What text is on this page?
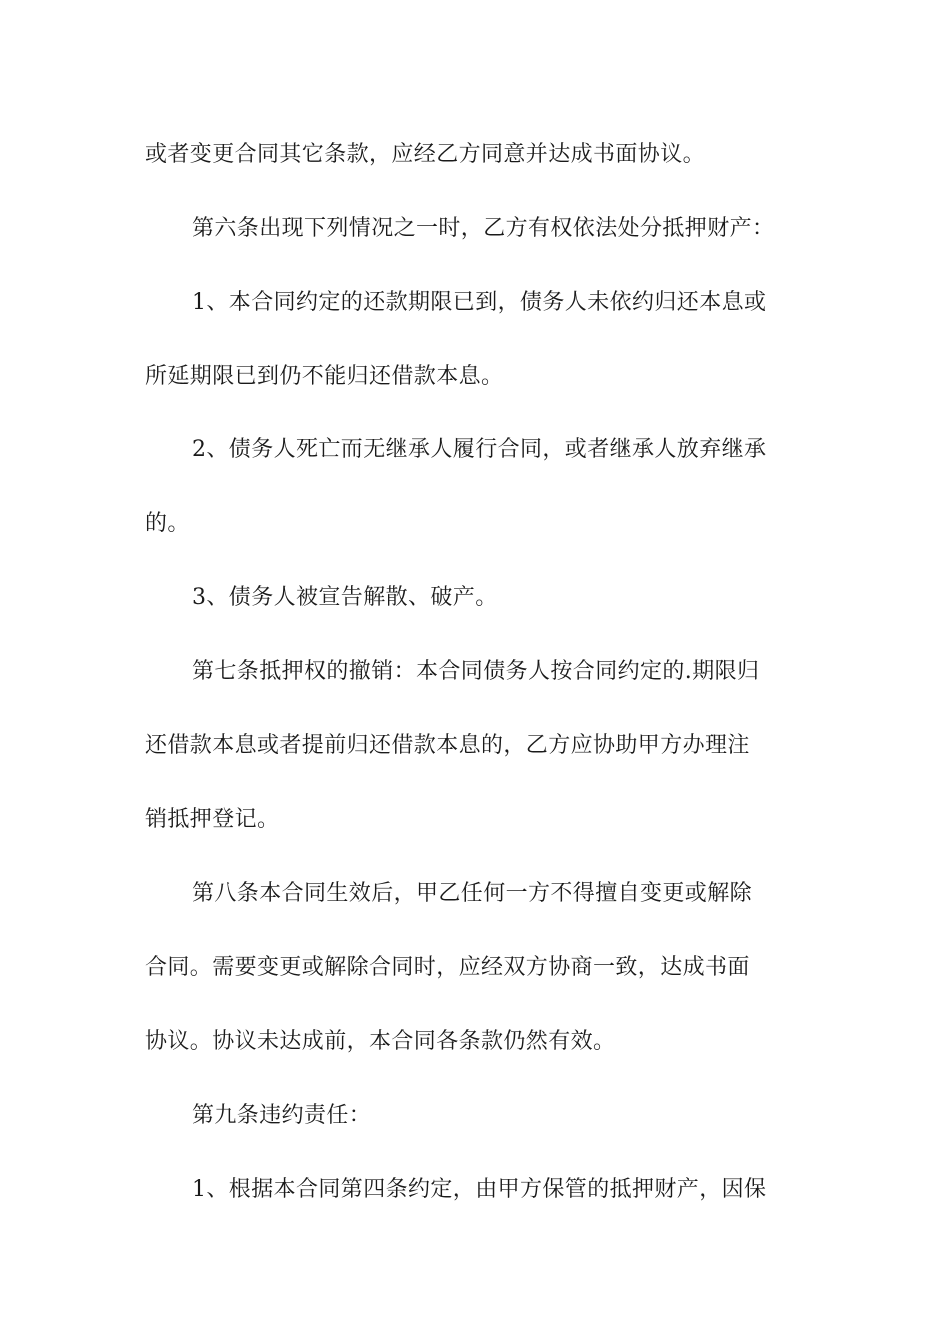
或者变更合同其它条款，应经乙方同意并达成书面协议。
第六条出现下列情况之一时，乙方有权依法处分抵押财产：
1、本合同约定的还款期限已到，债务人未依约归还本息或
所延期限已到仍不能归还借款本息。
2、债务人死亡而无继承人履行合同，或者继承人放弃继承
的。
3、债务人被宣告解散、破产。
第七条抵押权的撤销：本合同债务人按合同约定的.期限归
还借款本息或者提前归还借款本息的，乙方应协助甲方办理注
销抵押登记。
第八条本合同生效后，甲乙任何一方不得擅自变更或解除
合同。需要变更或解除合同时，应经双方协商一致，达成书面
协议。协议未达成前，本合同各条款仍然有效。
第九条违约责任：
1、根据本合同第四条约定，由甲方保管的抵押财产，因保
